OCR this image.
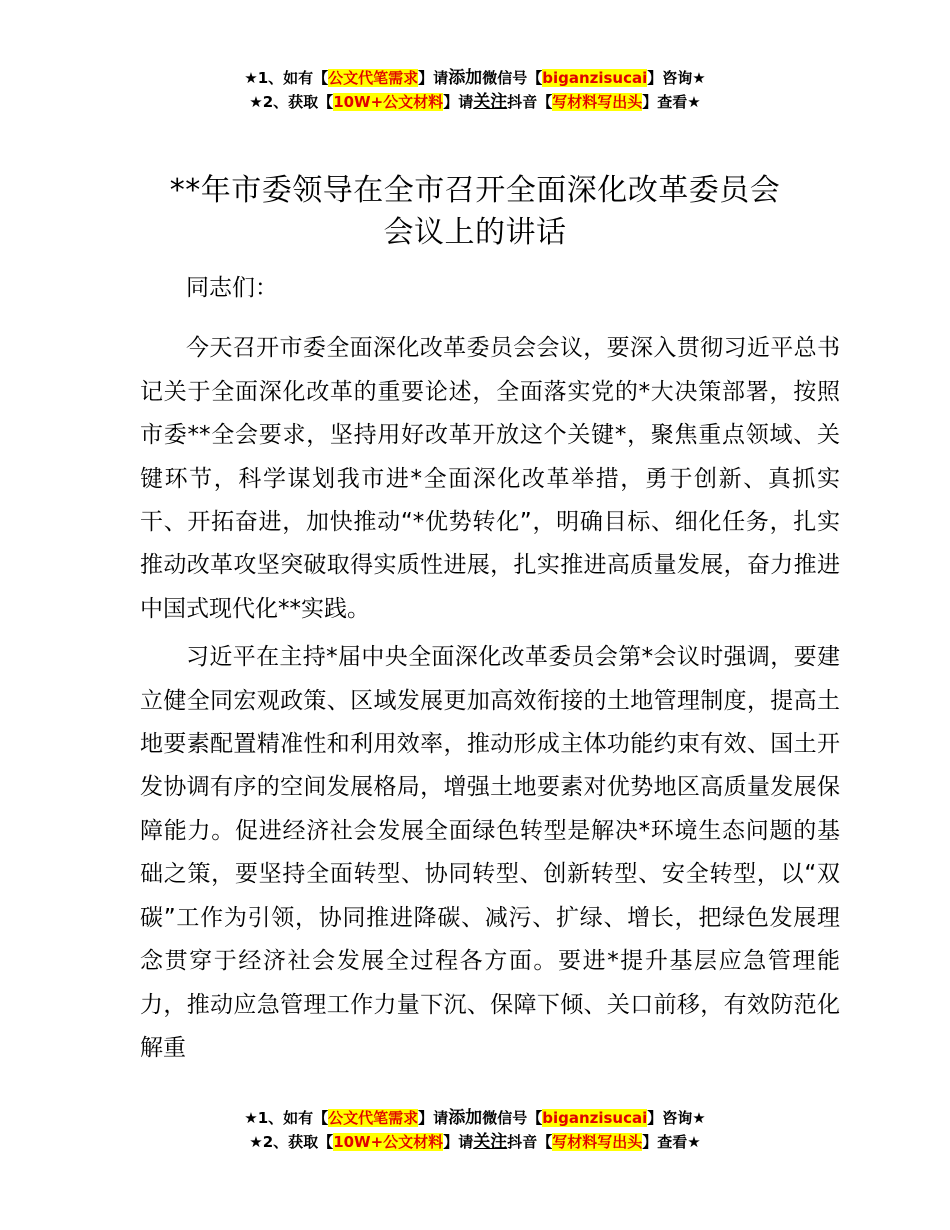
★1、如有【公文代笔需求】请添加微信号【biganzisucai】咨询★
★2、获取【10W+公文材料】请关注抖音【写材料写出头】查看★
**年市委领导在全市召开全面深化改革委员会
会议上的讲话

同志们：

今天召开市委全面深化改革委员会会议，要深入贯彻习近平总书记关于全面深化改革的重要论述，全面落实党的*大决策部署，按照市委**全会要求，坚持用好改革开放这个关键*，聚焦重点领域、关键环节，科学谋划我市进*全面深化改革举措，勇于创新、真抓实干、开拓奋进，加快推动“*优势转化”，明确目标、细化任务，扎实推动改革攻坚突破取得实质性进展，扎实推进高质量发展，奋力推进中国式现代化**实践。

习近平在主持*届中央全面深化改革委员会第*会议时强调，要建立健全同宏观政策、区域发展更加高效衔接的土地管理制度，提高土地要素配置精准性和利用效率，推动形成主体功能约束有效、国土开发协调有序的空间发展格局，增强土地要素对优势地区高质量发展保障能力。促进经济社会发展全面绿色转型是解决*环境生态问题的基础之策，要坚持全面转型、协同转型、创新转型、安全转型，以“双碳”工作为引领，协同推进降碳、减污、扩绿、增长，把绿色发展理念贯穿于经济社会发展全过程各方面。要进*提升基层应急管理能力，推动应急管理工作力量下沉、保障下倾、关口前移，有效防范化解重

★1、如有【公文代笔需求】请添加微信号【biganzisucai】咨询★
★2、获取【10W+公文材料】请关注抖音【写材料写出头】查看★
